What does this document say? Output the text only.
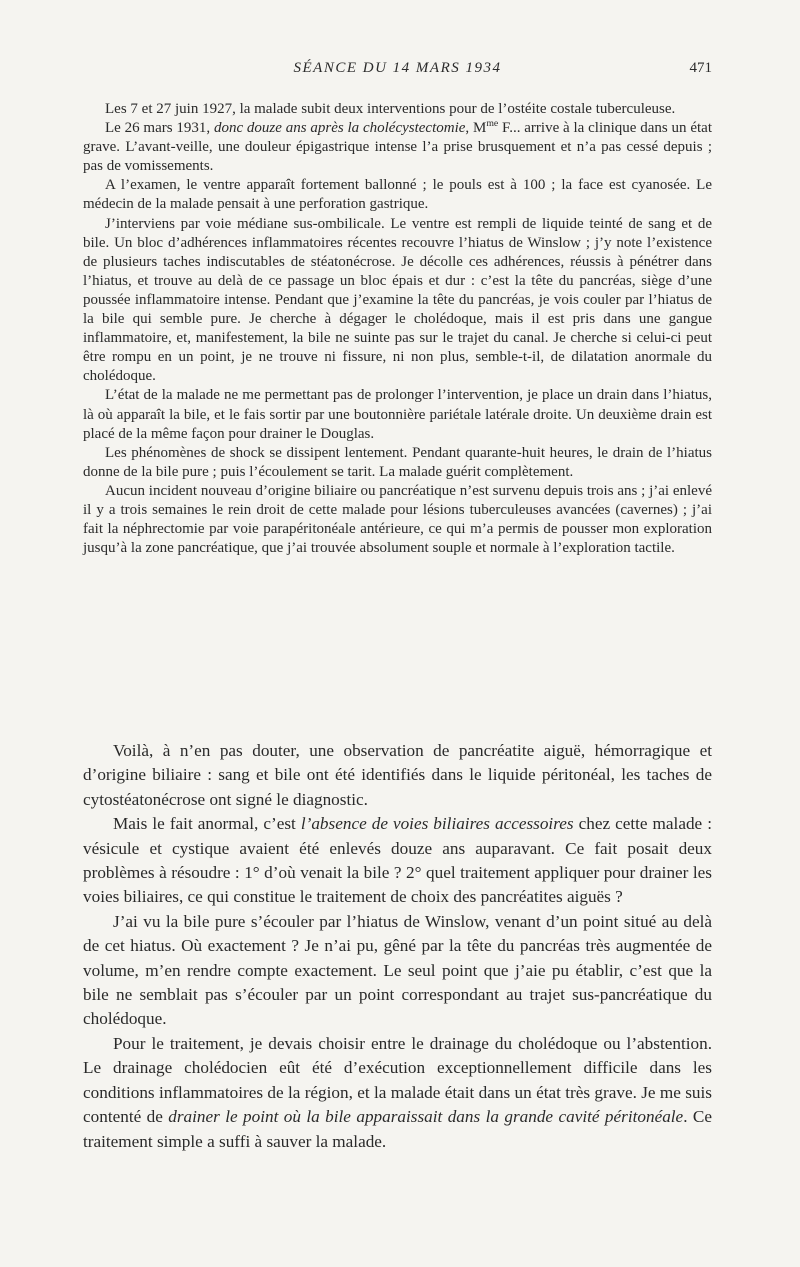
SÉANCE DU 14 MARS 1934	471

Les 7 et 27 juin 1927, la malade subit deux interventions pour de l’ostéite costale tuberculeuse.

Le 26 mars 1931, donc douze ans après la cholécystectomie, $M^{me}$ F... arrive à la clinique dans un état grave. L’avant-veille, une douleur épigastrique intense l’a prise brusquement et n’a pas cessé depuis ; pas de vomissements.

A l’examen, le ventre apparaît fortement ballonné ; le pouls est à 100 ; la face est cyanosée. Le médecin de la malade pensait à une perforation gastrique.

J’interviens par voie médiane sus-ombilicale. Le ventre est rempli de liquide teinté de sang et de bile. Un bloc d’adhérences inflammatoires récentes recouvre l’hiatus de Winslow ; j’y note l’existence de plusieurs taches indiscutables de stéatonécrose. Je décolle ces adhérences, réussis à pénétrer dans l’hiatus, et trouve au delà de ce passage un bloc épais et dur : c’est la tête du pancréas, siège d’une poussée inflammatoire intense. Pendant que j’examine la tête du pancréas, je vois couler par l’hiatus de la bile qui semble pure. Je cherche à dégager le cholédoque, mais il est pris dans une gangue inflammatoire, et, manifestement, la bile ne suinte pas sur le trajet du canal. Je cherche si celui-ci peut être rompu en un point, je ne trouve ni fissure, ni non plus, semble-t-il, de dilatation anormale du cholédoque.

L’état de la malade ne me permettant pas de prolonger l’intervention, je place un drain dans l’hiatus, là où apparaît la bile, et le fais sortir par une boutonnière pariétale latérale droite. Un deuxième drain est placé de la même façon pour drainer le Douglas.

Les phénomènes de shock se dissipent lentement. Pendant quarante-huit heures, le drain de l’hiatus donne de la bile pure ; puis l’écoulement se tarit. La malade guérit complètement.

Aucun incident nouveau d’origine biliaire ou pancréatique n’est survenu depuis trois ans ; j’ai enlevé il y a trois semaines le rein droit de cette malade pour lésions tuberculeuses avancées (cavernes) ; j’ai fait la néphrectomie par voie parapéritonéale antérieure, ce qui m’a permis de pousser mon exploration jusqu’à la zone pancréatique, que j’ai trouvée absolument souple et normale à l’exploration tactile.

Voilà, à n’en pas douter, une observation de pancréatite aiguë, hémorragique et d’origine biliaire : sang et bile ont été identifiés dans le liquide péritonéal, les taches de cytostéatonécrose ont signé le diagnostic.

Mais le fait anormal, c’est l’absence de voies biliaires accessoires chez cette malade : vésicule et cystique avaient été enlevés douze ans auparavant. Ce fait posait deux problèmes à résoudre : 1° d’où venait la bile ? 2° quel traitement appliquer pour drainer les voies biliaires, ce qui constitue le traitement de choix des pancréatites aiguës ?

J’ai vu la bile pure s’écouler par l’hiatus de Winslow, venant d’un point situé au delà de cet hiatus. Où exactement ? Je n’ai pu, gêné par la tête du pancréas très augmentée de volume, m’en rendre compte exactement. Le seul point que j’aie pu établir, c’est que la bile ne semblait pas s’écouler par un point correspondant au trajet sus-pancréatique du cholédoque.

Pour le traitement, je devais choisir entre le drainage du cholédoque ou l’abstention. Le drainage cholédocien eût été d’exécution exceptionnellement difficile dans les conditions inflammatoires de la région, et la malade était dans un état très grave. Je me suis contenté de drainer le point où la bile apparaissait dans la grande cavité péritonéale. Ce traitement simple a suffi à sauver la malade.
